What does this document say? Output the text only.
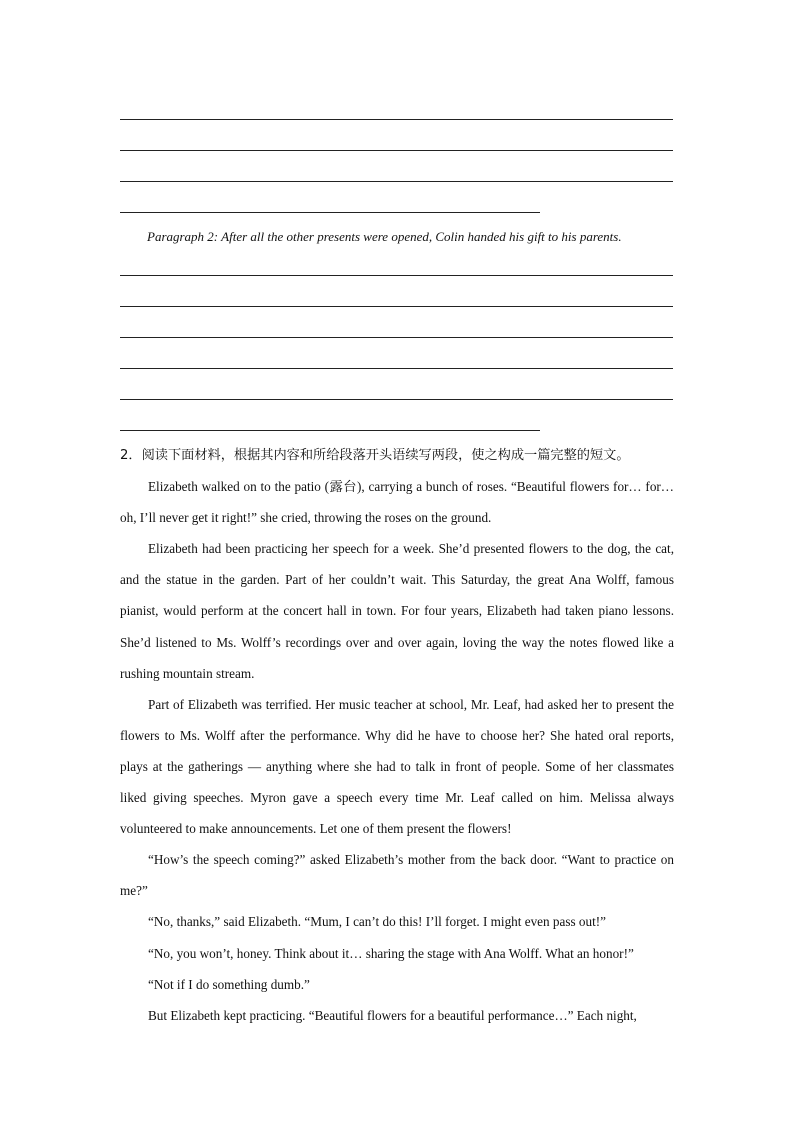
Paragraph 2: After all the other presents were opened, Colin handed his gift to his parents.
2．阅读下面材料，根据其内容和所给段落开头语续写两段，使之构成一篇完整的短文。

Elizabeth walked on to the patio (露台), carrying a bunch of roses. “Beautiful flowers for… for… oh, I’ll never get it right!” she cried, throwing the roses on the ground.

Elizabeth had been practicing her speech for a week. She’d presented flowers to the dog, the cat, and the statue in the garden. Part of her couldn’t wait. This Saturday, the great Ana Wolff, famous pianist, would perform at the concert hall in town. For four years, Elizabeth had taken piano lessons. She’d listened to Ms. Wolff’s recordings over and over again, loving the way the notes flowed like a rushing mountain stream.

Part of Elizabeth was terrified. Her music teacher at school, Mr. Leaf, had asked her to present the flowers to Ms. Wolff after the performance. Why did he have to choose her? She hated oral reports, plays at the gatherings — anything where she had to talk in front of people. Some of her classmates liked giving speeches. Myron gave a speech every time Mr. Leaf called on him. Melissa always volunteered to make announcements. Let one of them present the flowers!

“How’s the speech coming?” asked Elizabeth’s mother from the back door. “Want to practice on me?”

“No, thanks,” said Elizabeth. “Mum, I can’t do this! I’ll forget. I might even pass out!”

“No, you won’t, honey. Think about it… sharing the stage with Ana Wolff. What an honor!”

“Not if I do something dumb.”

But Elizabeth kept practicing. “Beautiful flowers for a beautiful performance…” Each night,
